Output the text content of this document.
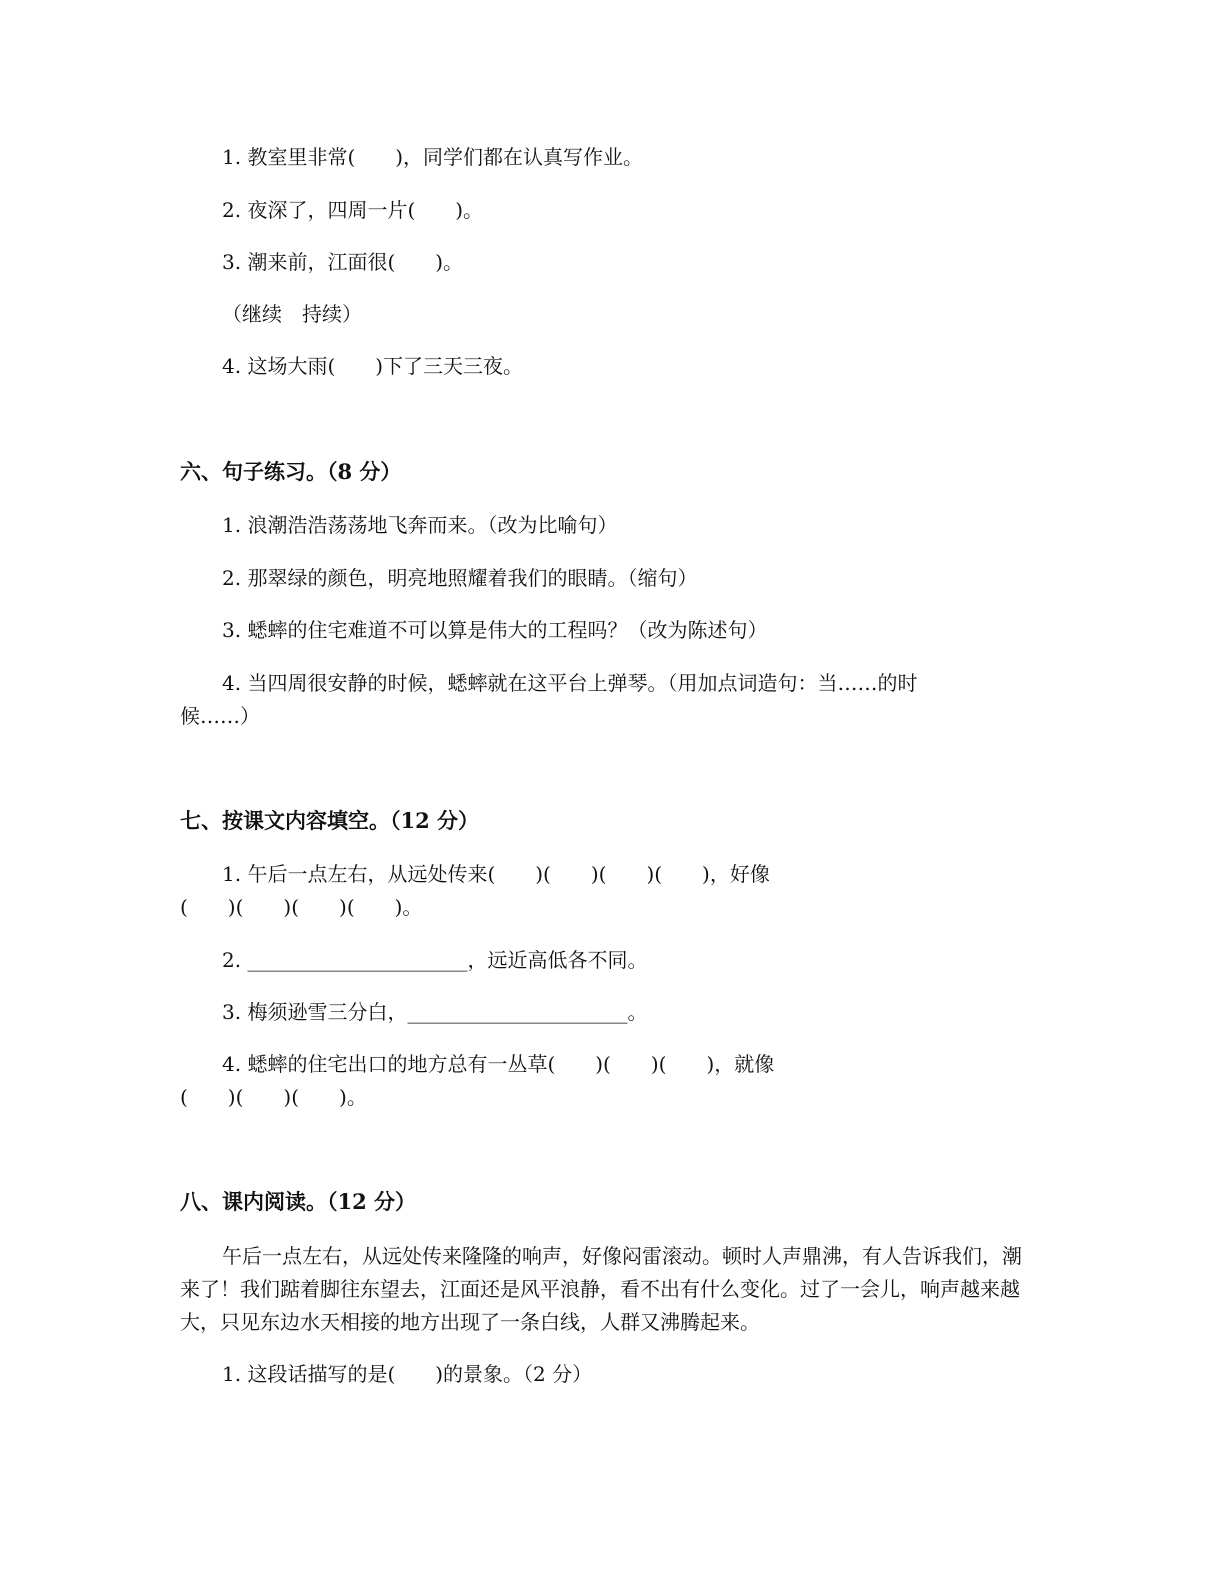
1. 教室里非常(　　)，同学们都在认真写作业。

2. 夜深了，四周一片(　　)。

3. 潮来前，江面很(　　)。

（继续　持续）

4. 这场大雨(　　)下了三天三夜。

六、句子练习。（8 分）

1. 浪潮浩浩荡荡地飞奔而来。（改为比喻句）

2. 那翠绿的颜色，明亮地照耀着我们的眼睛。（缩句）

3. 蟋蟀的住宅难道不可以算是伟大的工程吗？（改为陈述句）

4. 当四周很安静的时候，蟋蟀就在这平台上弹琴。（用加点词造句：当……的时

候……）

七、按课文内容填空。（12 分）

1. 午后一点左右，从远处传来(　　)(　　)(　　)(　　)，好像

(　　)(　　)(　　)(　　)。

2. ______________________，远近高低各不同。

3. 梅须逊雪三分白，______________________。

4. 蟋蟀的住宅出口的地方总有一丛草(　　)(　　)(　　)，就像

(　　)(　　)(　　)。

八、课内阅读。（12 分）

午后一点左右，从远处传来隆隆的响声，好像闷雷滚动。顿时人声鼎沸，有人告诉我们，潮来了！我们踮着脚往东望去，江面还是风平浪静，看不出有什么变化。过了一会儿，响声越来越大，只见东边水天相接的地方出现了一条白线，人群又沸腾起来。

1. 这段话描写的是(　　)的景象。（2 分）
